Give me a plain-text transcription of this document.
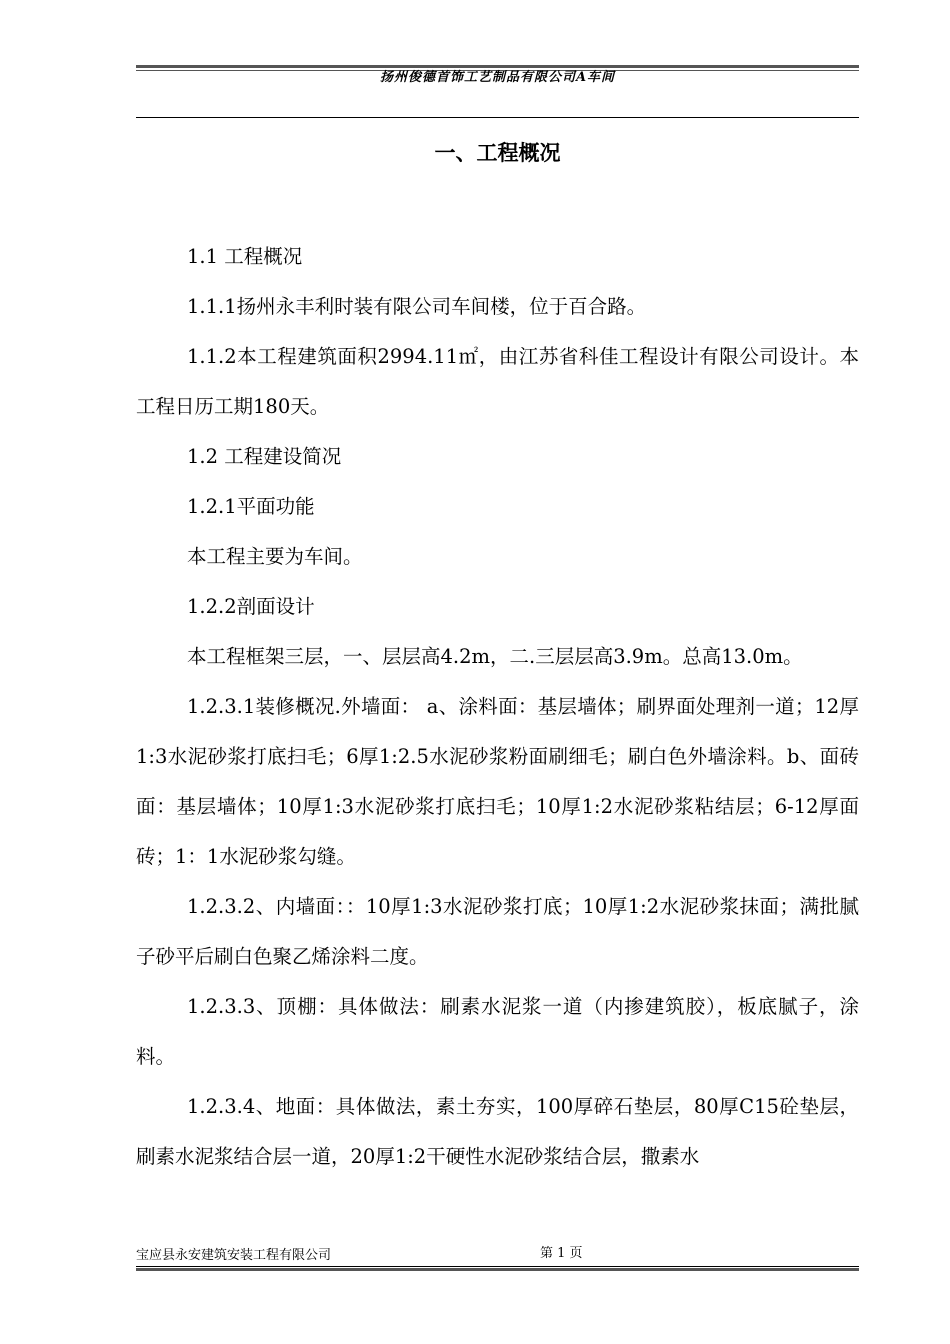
扬州俊德首饰工艺制品有限公司A车间
一、工程概况

1.1 工程概况

1.1.1扬州永丰利时装有限公司车间楼，位于百合路。

1.1.2本工程建筑面积2994.11㎡，由江苏省科佳工程设计有限公司设计。本工程日历工期180天。

1.2 工程建设简况

1.2.1平面功能

本工程主要为车间。

1.2.2剖面设计

本工程框架三层，一、层层高4.2m，二.三层层高3.9m。总高13.0m。

1.2.3.1装修概况.外墙面： a、涂料面：基层墙体；刷界面处理剂一道；12厚1:3水泥砂浆打底扫毛；6厚1:2.5水泥砂浆粉面刷细毛；刷白色外墙涂料。b、面砖面：基层墙体；10厚1:3水泥砂浆打底扫毛；10厚1:2水泥砂浆粘结层；6-12厚面砖；1：1水泥砂浆勾缝。

1.2.3.2、内墙面：：10厚1:3水泥砂浆打底；10厚1:2水泥砂浆抹面；满批腻子砂平后刷白色聚乙烯涂料二度。

1.2.3.3、顶棚：具体做法：刷素水泥浆一道（内掺建筑胶），板底腻子，涂料。

1.2.3.4、地面：具体做法，素土夯实，100厚碎石垫层，80厚C15砼垫层，刷素水泥浆结合层一道，20厚1:2干硬性水泥砂浆结合层，撒素水

宝应县永安建筑安装工程有限公司	第 1 页
